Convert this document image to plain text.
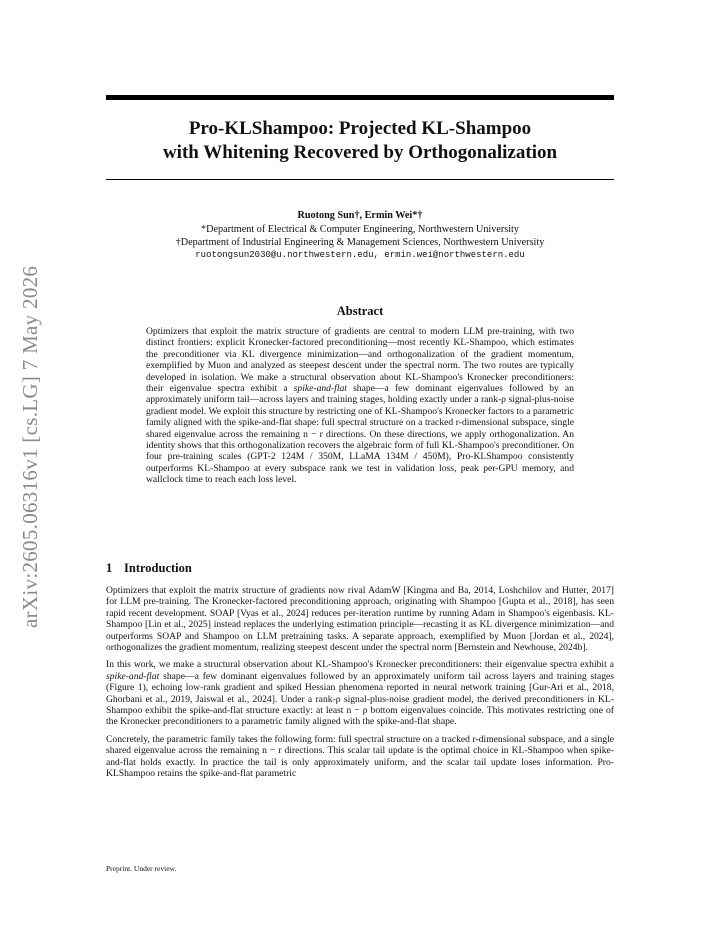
arXiv:2605.06316v1 [cs.LG] 7 May 2026
Pro-KLShampoo: Projected KL-Shampoo
with Whitening Recovered by Orthogonalization
Ruotong Sun†, Ermin Wei*†
*Department of Electrical & Computer Engineering, Northwestern University
†Department of Industrial Engineering & Management Sciences, Northwestern University
ruotongsun2030@u.northwestern.edu, ermin.wei@northwestern.edu
Abstract
Optimizers that exploit the matrix structure of gradients are central to modern LLM pre-training, with two distinct frontiers: explicit Kronecker-factored preconditioning—most recently KL-Shampoo, which estimates the preconditioner via KL divergence minimization—and orthogonalization of the gradient momentum, exemplified by Muon and analyzed as steepest descent under the spectral norm. The two routes are typically developed in isolation. We make a structural observation about KL-Shampoo's Kronecker preconditioners: their eigenvalue spectra exhibit a spike-and-flat shape—a few dominant eigenvalues followed by an approximately uniform tail—across layers and training stages, holding exactly under a rank-ρ signal-plus-noise gradient model. We exploit this structure by restricting one of KL-Shampoo's Kronecker factors to a parametric family aligned with the spike-and-flat shape: full spectral structure on a tracked r-dimensional subspace, single shared eigenvalue across the remaining n − r directions. On these directions, we apply orthogonalization. An identity shows that this orthogonalization recovers the algebraic form of full KL-Shampoo's preconditioner. On four pre-training scales (GPT-2 124M / 350M, LLaMA 134M / 450M), Pro-KLShampoo consistently outperforms KL-Shampoo at every subspace rank we test in validation loss, peak per-GPU memory, and wallclock time to reach each loss level.
1 Introduction

Optimizers that exploit the matrix structure of gradients now rival AdamW [Kingma and Ba, 2014, Loshchilov and Hutter, 2017] for LLM pre-training. The Kronecker-factored preconditioning approach, originating with Shampoo [Gupta et al., 2018], has seen rapid recent development. SOAP [Vyas et al., 2024] reduces per-iteration runtime by running Adam in Shampoo's eigenbasis. KL-Shampoo [Lin et al., 2025] instead replaces the underlying estimation principle—recasting it as KL divergence minimization—and outperforms SOAP and Shampoo on LLM pretraining tasks. A separate approach, exemplified by Muon [Jordan et al., 2024], orthogonalizes the gradient momentum, realizing steepest descent under the spectral norm [Bernstein and Newhouse, 2024b].

In this work, we make a structural observation about KL-Shampoo's Kronecker preconditioners: their eigenvalue spectra exhibit a spike-and-flat shape—a few dominant eigenvalues followed by an approximately uniform tail across layers and training stages (Figure 1), echoing low-rank gradient and spiked Hessian phenomena reported in neural network training [Gur-Ari et al., 2018, Ghorbani et al., 2019, Jaiswal et al., 2024]. Under a rank-ρ signal-plus-noise gradient model, the derived preconditioners in KL-Shampoo exhibit the spike-and-flat structure exactly: at least n − ρ bottom eigenvalues coincide. This motivates restricting one of the Kronecker preconditioners to a parametric family aligned with the spike-and-flat shape.

Concretely, the parametric family takes the following form: full spectral structure on a tracked r-dimensional subspace, and a single shared eigenvalue across the remaining n − r directions. This scalar tail update is the optimal choice in KL-Shampoo when spike-and-flat holds exactly. In practice the tail is only approximately uniform, and the scalar tail update loses information. Pro-KLShampoo retains the spike-and-flat parametric

Preprint. Under review.
